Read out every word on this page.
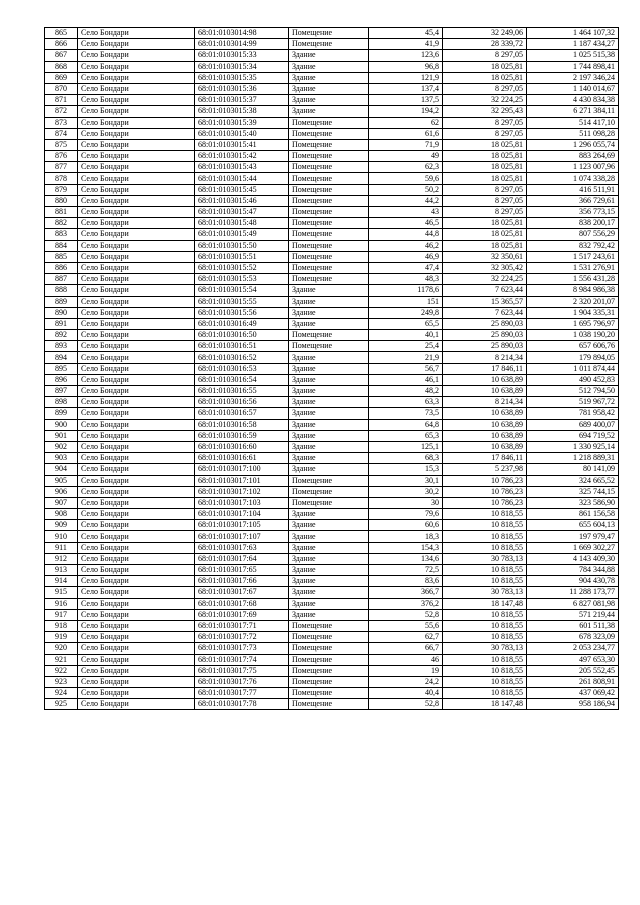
865	Село Бондари	68:01:0103014:98	Помещение	45,4	32 249,06	1 464 107,32
866	Село Бондари	68:01:0103014:99	Помещение	41,9	28 339,72	1 187 434,27
867	Село Бондари	68:01:0103015:33	Здание	123,6	8 297,05	1 025 515,38
868	Село Бондари	68:01:0103015:34	Здание	96,8	18 025,81	1 744 898,41
869	Село Бондари	68:01:0103015:35	Здание	121,9	18 025,81	2 197 346,24
870	Село Бондари	68:01:0103015:36	Здание	137,4	8 297,05	1 140 014,67
871	Село Бондари	68:01:0103015:37	Здание	137,5	32 224,25	4 430 834,38
872	Село Бондари	68:01:0103015:38	Здание	194,2	32 295,43	6 271 384,11
873	Село Бондари	68:01:0103015:39	Помещение	62	8 297,05	514 417,10
874	Село Бондари	68:01:0103015:40	Помещение	61,6	8 297,05	511 098,28
875	Село Бондари	68:01:0103015:41	Помещение	71,9	18 025,81	1 296 055,74
876	Село Бондари	68:01:0103015:42	Помещение	49	18 025,81	883 264,69
877	Село Бондари	68:01:0103015:43	Помещение	62,3	18 025,81	1 123 007,96
878	Село Бондари	68:01:0103015:44	Помещение	59,6	18 025,81	1 074 338,28
879	Село Бондари	68:01:0103015:45	Помещение	50,2	8 297,05	416 511,91
880	Село Бондари	68:01:0103015:46	Помещение	44,2	8 297,05	366 729,61
881	Село Бондари	68:01:0103015:47	Помещение	43	8 297,05	356 773,15
882	Село Бондари	68:01:0103015:48	Помещение	46,5	18 025,81	838 200,17
883	Село Бондари	68:01:0103015:49	Помещение	44,8	18 025,81	807 556,29
884	Село Бондари	68:01:0103015:50	Помещение	46,2	18 025,81	832 792,42
885	Село Бондари	68:01:0103015:51	Помещение	46,9	32 350,61	1 517 243,61
886	Село Бондари	68:01:0103015:52	Помещение	47,4	32 305,42	1 531 276,91
887	Село Бондари	68:01:0103015:53	Помещение	48,3	32 224,25	1 556 431,28
888	Село Бондари	68:01:0103015:54	Здание	1178,6	7 623,44	8 984 986,38
889	Село Бондари	68:01:0103015:55	Здание	151	15 365,57	2 320 201,07
890	Село Бондари	68:01:0103015:56	Здание	249,8	7 623,44	1 904 335,31
891	Село Бондари	68:01:0103016:49	Здание	65,5	25 890,03	1 695 796,97
892	Село Бондари	68:01:0103016:50	Помещение	40,1	25 890,03	1 038 190,20
893	Село Бондари	68:01:0103016:51	Помещение	25,4	25 890,03	657 606,76
894	Село Бондари	68:01:0103016:52	Здание	21,9	8 214,34	179 894,05
895	Село Бондари	68:01:0103016:53	Здание	56,7	17 846,11	1 011 874,44
896	Село Бондари	68:01:0103016:54	Здание	46,1	10 638,89	490 452,83
897	Село Бондари	68:01:0103016:55	Здание	48,2	10 638,89	512 794,50
898	Село Бондари	68:01:0103016:56	Здание	63,3	8 214,34	519 967,72
899	Село Бондари	68:01:0103016:57	Здание	73,5	10 638,89	781 958,42
900	Село Бондари	68:01:0103016:58	Здание	64,8	10 638,89	689 400,07
901	Село Бондари	68:01:0103016:59	Здание	65,3	10 638,89	694 719,52
902	Село Бондари	68:01:0103016:60	Здание	125,1	10 638,89	1 330 925,14
903	Село Бондари	68:01:0103016:61	Здание	68,3	17 846,11	1 218 889,31
904	Село Бондари	68:01:0103017:100	Здание	15,3	5 237,98	80 141,09
905	Село Бондари	68:01:0103017:101	Помещение	30,1	10 786,23	324 665,52
906	Село Бондари	68:01:0103017:102	Помещение	30,2	10 786,23	325 744,15
907	Село Бондари	68:01:0103017:103	Помещение	30	10 786,23	323 586,90
908	Село Бондари	68:01:0103017:104	Здание	79,6	10 818,55	861 156,58
909	Село Бондари	68:01:0103017:105	Здание	60,6	10 818,55	655 604,13
910	Село Бондари	68:01:0103017:107	Здание	18,3	10 818,55	197 979,47
911	Село Бондари	68:01:0103017:63	Здание	154,3	10 818,55	1 669 302,27
912	Село Бондари	68:01:0103017:64	Здание	134,6	30 783,13	4 143 409,30
913	Село Бондари	68:01:0103017:65	Здание	72,5	10 818,55	784 344,88
914	Село Бондари	68:01:0103017:66	Здание	83,6	10 818,55	904 430,78
915	Село Бондари	68:01:0103017:67	Здание	366,7	30 783,13	11 288 173,77
916	Село Бондари	68:01:0103017:68	Здание	376,2	18 147,48	6 827 081,98
917	Село Бондари	68:01:0103017:69	Здание	52,8	10 818,55	571 219,44
918	Село Бондари	68:01:0103017:71	Помещение	55,6	10 818,55	601 511,38
919	Село Бондари	68:01:0103017:72	Помещение	62,7	10 818,55	678 323,09
920	Село Бондари	68:01:0103017:73	Помещение	66,7	30 783,13	2 053 234,77
921	Село Бондари	68:01:0103017:74	Помещение	46	10 818,55	497 653,30
922	Село Бондари	68:01:0103017:75	Помещение	19	10 818,55	205 552,45
923	Село Бондари	68:01:0103017:76	Помещение	24,2	10 818,55	261 808,91
924	Село Бондари	68:01:0103017:77	Помещение	40,4	10 818,55	437 069,42
925	Село Бондари	68:01:0103017:78	Помещение	52,8	18 147,48	958 186,94
